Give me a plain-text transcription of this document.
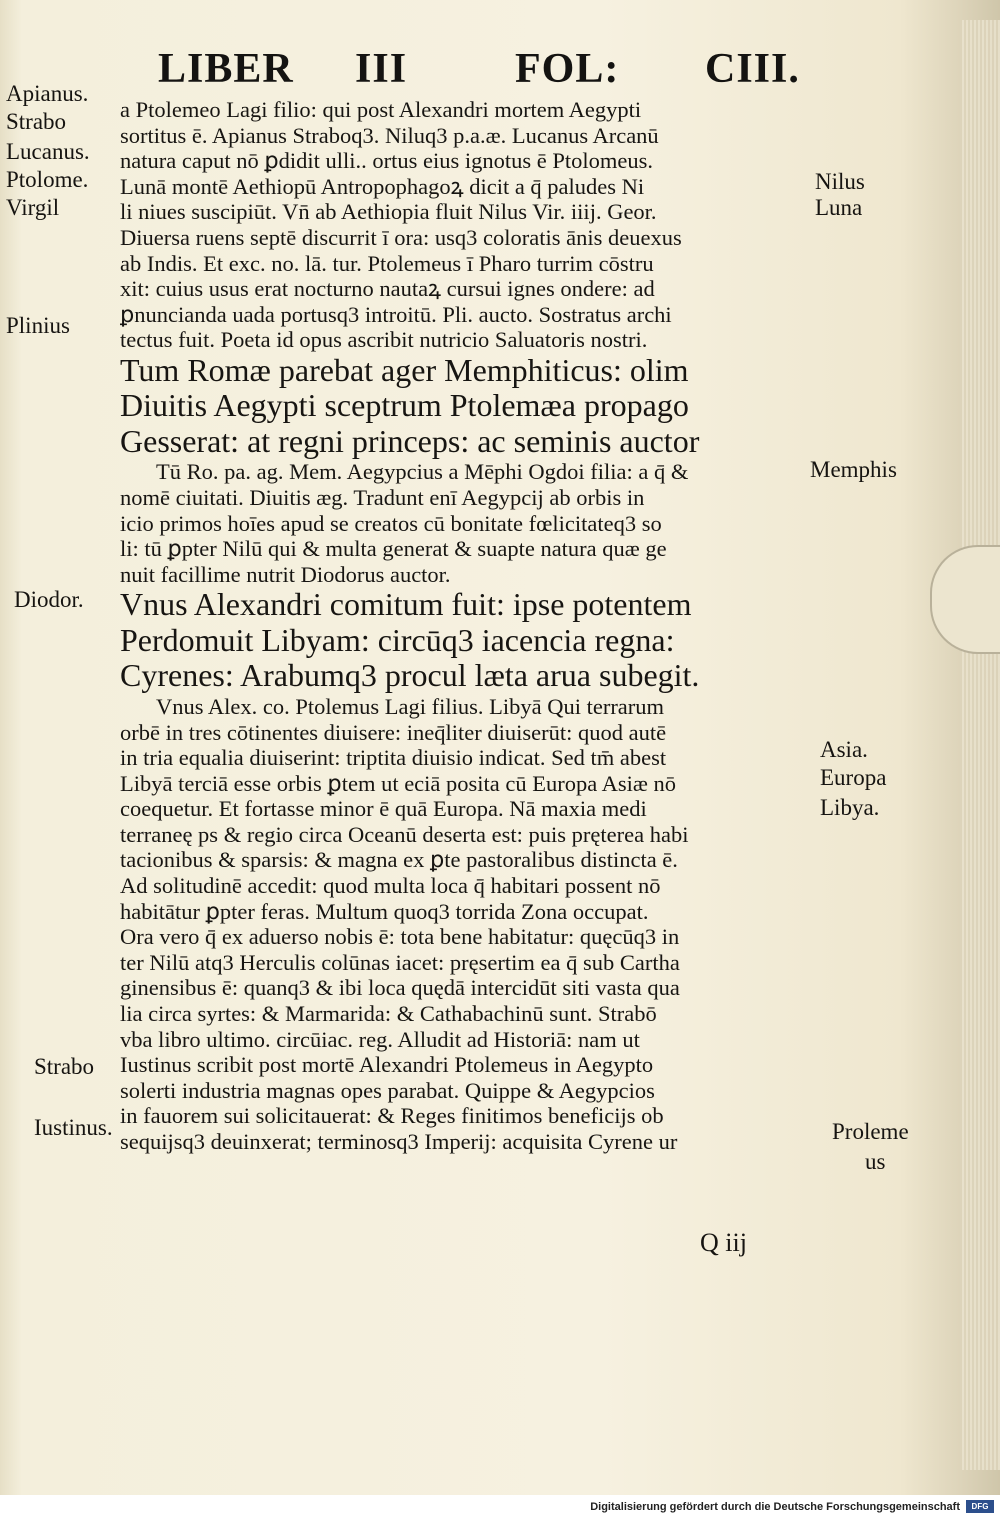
LIBER III	FOL: CIII.
a Ptolemeo Lagi filio: qui post Alexandri mortem Aegypti
sortitus ē. Apianus Straboq3. Niluq3 p.a.æ. Lucanus Arcanū
natura caput nō ꝑdidit ulli.. ortus eius ignotus ē Ptolomeus.
Lunā montē Aethiopū Antropophagoꝝ dicit a q̄ paludes Ni
li niues suscipiūt. Vn̄ ab Aethiopia fluit Nilus Vir. iiij. Geor.
Diuersa ruens septē discurrit ī ora: usq3 coloratis ānis deuexus
ab Indis. Et exc. no. lā. tur. Ptolemeus ī Pharo turrim cōstru
xit: cuius usus erat nocturno nautaꝝ cursui ignes ondere: ad
ꝑnuncianda uada portusq3 introitū. Pli. aucto. Sostratus archi
tectus fuit. Poeta id opus ascribit nutricio Saluatoris nostri.
Tum Romæ parebat ager Memphiticus: olim
Diuitis Aegypti sceptrum Ptolemæa propago
Gesserat: at regni princeps: ac seminis auctor
Tū Ro. pa. ag. Mem. Aegypcius a Mēphi Ogdoi filia: a q̄ &
nomē ciuitati. Diuitis æg. Tradunt enī Aegypcij ab orbis in
icio primos hoīes apud se creatos cū bonitate fœlicitateq3 so
li: tū ꝑpter Nilū qui & multa generat & suapte natura quæ ge
nuit facillime nutrit Diodorus auctor.
Vnus Alexandri comitum fuit: ipse potentem
Perdomuit Libyam: circūq3 iacencia regna:
Cyrenes: Arabumq3 procul læta arua subegit.
Vnus Alex. co. Ptolemus Lagi filius. Libyā Qui terrarum
orbē in tres cōtinentes diuisere: ineq̄liter diuiserūt: quod autē
in tria equalia diuiserint: triptita diuisio indicat. Sed tm̄ abest
Libyā terciā esse orbis ꝑtem ut eciā posita cū Europa Asiæ nō
coequetur. Et fortasse minor ē quā Europa. Nā maxia medi
terraneę ps & regio circa Oceanū deserta est: puis pręterea habi
tacionibus & sparsis: & magna ex ꝑte pastoralibus distincta ē.
Ad solitudinē accedit: quod multa loca q̄ habitari possent nō
habitātur ꝑpter feras. Multum quoq3 torrida Zona occupat.
Ora vero q̄ ex aduerso nobis ē: tota bene habitatur: quęcūq3 in
ter Nilū atq3 Herculis colūnas iacet: pręsertim ea q̄ sub Cartha
ginensibus ē: quanq3 & ibi loca quędā intercidūt siti vasta qua
lia circa syrtes: & Marmarida: & Cathabachinū sunt. Strabō
vba libro ultimo. circūiac. reg. Alludit ad Historiā: nam ut
Iustinus scribit post mortē Alexandri Ptolemeus in Aegypto
solerti industria magnas opes parabat. Quippe & Aegypcios
in fauorem sui solicitauerat: & Reges finitimos beneficijs ob
sequijsq3 deuinxerat; terminosq3 Imperij: acquisita Cyrene ur
Apianus.
Strabo
Lucanus.
Ptolome.
Virgil
Plinius
Diodor.
Strabo
Iustinus.
Nilus
Luna
Memphis
Asia.
Europa
Libya.
Proleme
us
Q iij
Digitalisierung gefördert durch die Deutsche Forschungsgemeinschaft	DFG
